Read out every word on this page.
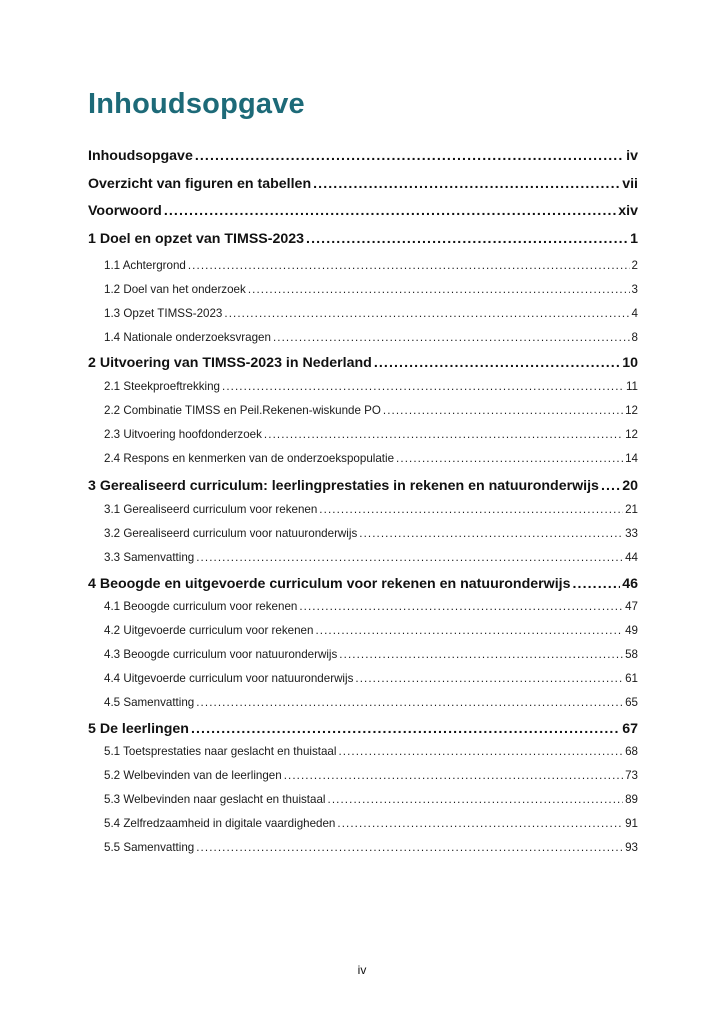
Inhoudsopgave
Inhoudsopgave .....	iv
Overzicht van figuren en tabellen .....	vii
Voorwoord .....	xiv
1 Doel en opzet van TIMSS-2023 .....	1
1.1 Achtergrond .....	2
1.2 Doel van het onderzoek .....	3
1.3 Opzet TIMSS-2023 .....	4
1.4 Nationale onderzoeksvragen .....	8
2 Uitvoering van TIMSS-2023 in Nederland .....	10
2.1 Steekproeftrekking .....	11
2.2 Combinatie TIMSS en Peil.Rekenen-wiskunde PO .....	12
2.3 Uitvoering hoofdonderzoek .....	12
2.4 Respons en kenmerken van de onderzoekspopulatie .....	14
3 Gerealiseerd curriculum: leerlingprestaties in rekenen en natuuronderwijs ..... 20
3.1 Gerealiseerd curriculum voor rekenen .....	21
3.2 Gerealiseerd curriculum voor natuuronderwijs .....	33
3.3 Samenvatting .....	44
4 Beoogde en uitgevoerde curriculum voor rekenen en natuuronderwijs .....	46
4.1 Beoogde curriculum voor rekenen .....	47
4.2 Uitgevoerde curriculum voor rekenen .....	49
4.3 Beoogde curriculum voor natuuronderwijs .....	58
4.4 Uitgevoerde curriculum voor natuuronderwijs .....	61
4.5 Samenvatting .....	65
5 De leerlingen .....	67
5.1 Toetsprestaties naar geslacht en thuistaal .....	68
5.2 Welbevinden van de leerlingen .....	73
5.3 Welbevinden naar geslacht en thuistaal .....	89
5.4 Zelfredzaamheid in digitale vaardigheden .....	91
5.5 Samenvatting .....	93
iv
